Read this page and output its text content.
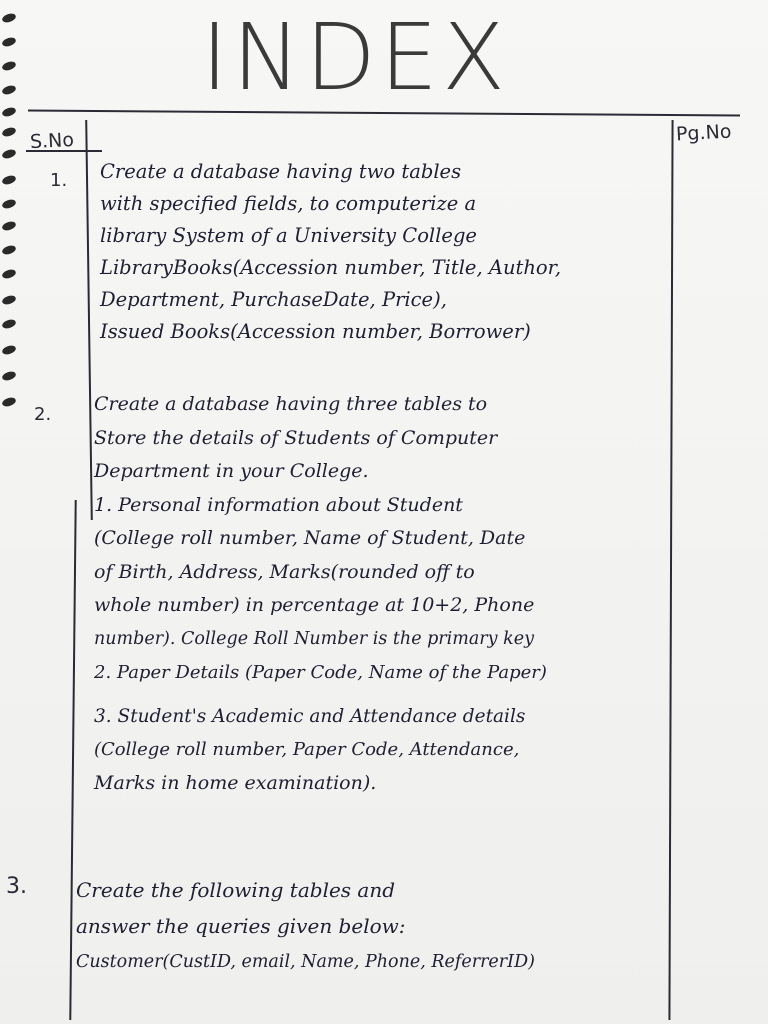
INDEX
S.No	Pg.No
1. Create a database having two tables
with specified fields, to computerize a
library System of a University College
LibraryBooks(Accession number, Title, Author,
Department, PurchaseDate, Price),
Issued Books(Accession number, Borrower)
2. Create a database having three tables to
Store the details of Students of Computer
Department in your College.
1. Personal information about Student
(College roll number, Name of Student, Date
of Birth, Address, Marks(rounded off to
whole number) in percentage at 10+2, Phone
number). College Roll Number is the primary key
2. Paper Details (Paper Code, Name of the Paper)
3. Student's Academic and Attendance details
(College roll number, Paper Code, Attendance,
Marks in home examination).
3. Create the following tables and
answer the queries given below:
Customer(CustID, email, Name, Phone, ReferrerID)
